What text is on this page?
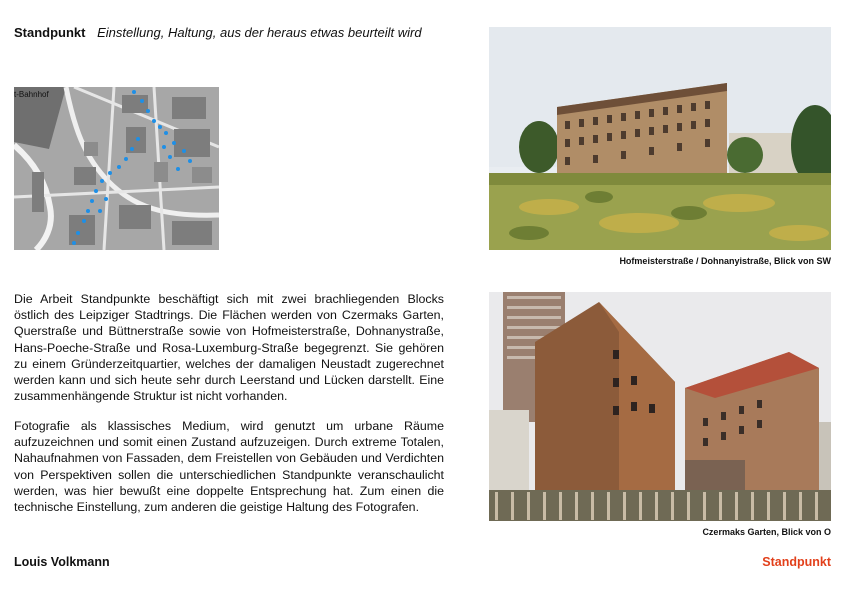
Standpunkt Einstellung, Haltung, aus der heraus etwas beurteilt wird
t-Bahnhof
Hofmeisterstraße / Dohnanyistraße, Blick von SW
Czermaks Garten, Blick von O

Die Arbeit Standpunkte beschäftigt sich mit zwei brachliegenden Blocks östlich des Leipziger Stadtrings. Die Flächen werden von Czermaks Garten, Querstraße und Büttnerstraße sowie von Hofmeisterstraße, Dohnanystraße, Hans-Poeche-Straße und Rosa-Luxemburg-Straße begegrenzt. Sie gehören zu einem Gründerzeitquartier, welches der damaligen Neustadt zugerechnet werden kann und sich heute sehr durch Leerstand und Lücken darstellt. Eine zusammenhängende Struktur ist nicht vorhanden.

Fotografie als klassisches Medium, wird genutzt um urbane Räume aufzuzeichnen und somit einen Zustand aufzuzeigen. Durch extreme Totalen, Nahaufnahmen von Fassaden, dem Freistellen von Gebäuden und Verdichten von Perspektiven sollen die unterschiedlichen Standpunkte veranschaulicht werden, was hier bewußt eine doppelte Entsprechung hat. Zum einen die technische Einstellung, zum anderen die geistige Haltung des Fotografen.

Louis Volkmann	Standpunkt
